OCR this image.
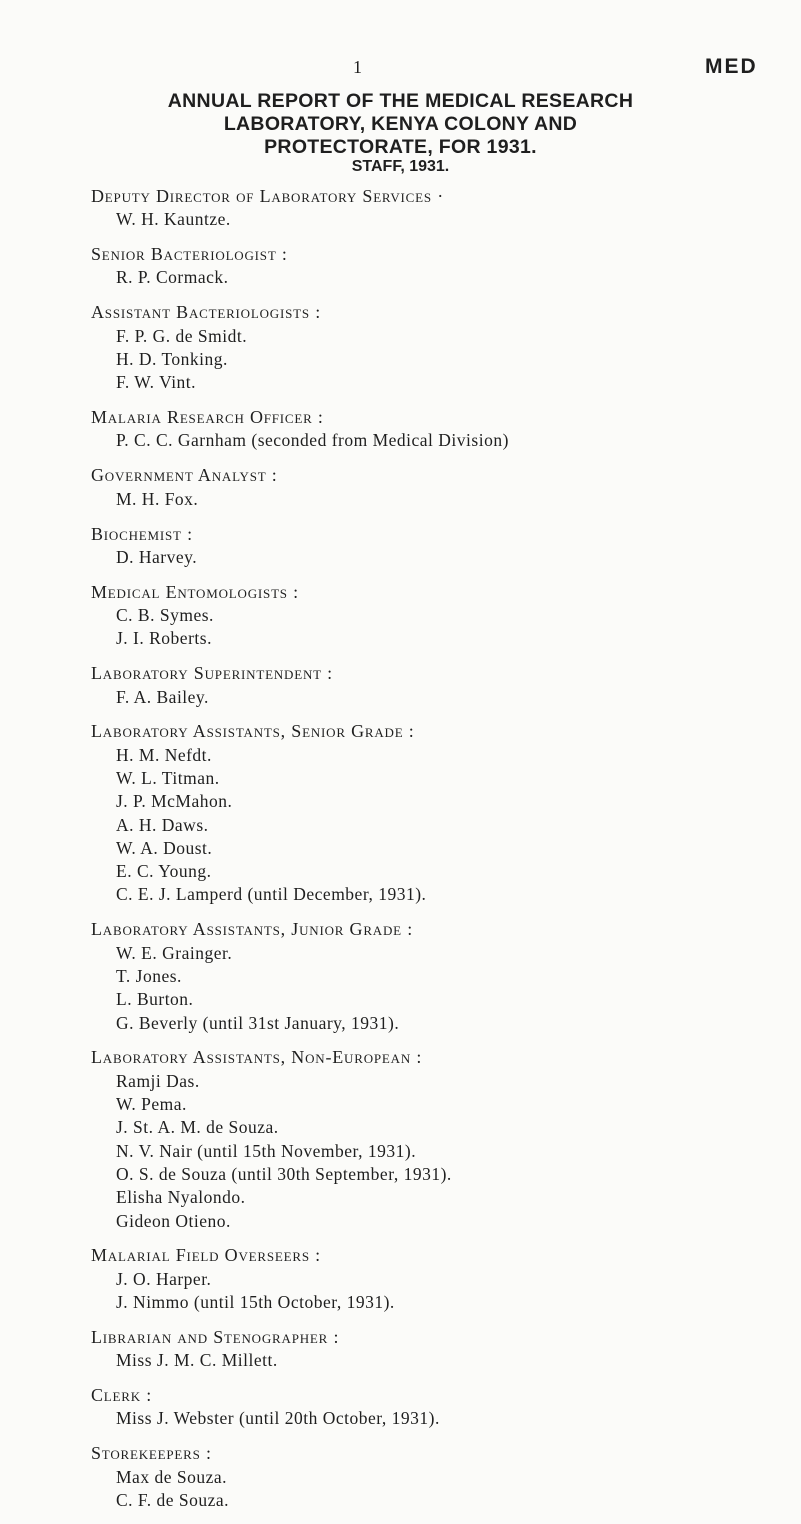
1	MED
ANNUAL REPORT OF THE MEDICAL RESEARCH
LABORATORY, KENYA COLONY AND
PROTECTORATE, FOR 1931.
STAFF, 1931.
Deputy Director of Laboratory Services ·
W. H. Kauntze.
Senior Bacteriologist :
R. P. Cormack.
Assistant Bacteriologists :
F. P. G. de Smidt.
H. D. Tonking.
F. W. Vint.
Malaria Research Officer :
P. C. C. Garnham (seconded from Medical Division)
Government Analyst :
M. H. Fox.
Biochemist :
D. Harvey.
Medical Entomologists :
C. B. Symes.
J. I. Roberts.
Laboratory Superintendent :
F. A. Bailey.
Laboratory Assistants, Senior Grade :
H. M. Nefdt.
W. L. Titman.
J. P. McMahon.
A. H. Daws.
W. A. Doust.
E. C. Young.
C. E. J. Lamperd (until December, 1931).
Laboratory Assistants, Junior Grade :
W. E. Grainger.
T. Jones.
L. Burton.
G. Beverly (until 31st January, 1931).
Laboratory Assistants, Non-European :
Ramji Das.
W. Pema.
J. St. A. M. de Souza.
N. V. Nair (until 15th November, 1931).
O. S. de Souza (until 30th September, 1931).
Elisha Nyalondo.
Gideon Otieno.
Malarial Field Overseers :
J. O. Harper.
J. Nimmo (until 15th October, 1931).
Librarian and Stenographer :
Miss J. M. C. Millett.
Clerk :
Miss J. Webster (until 20th October, 1931).
Storekeepers :
Max de Souza.
C. F. de Souza.
